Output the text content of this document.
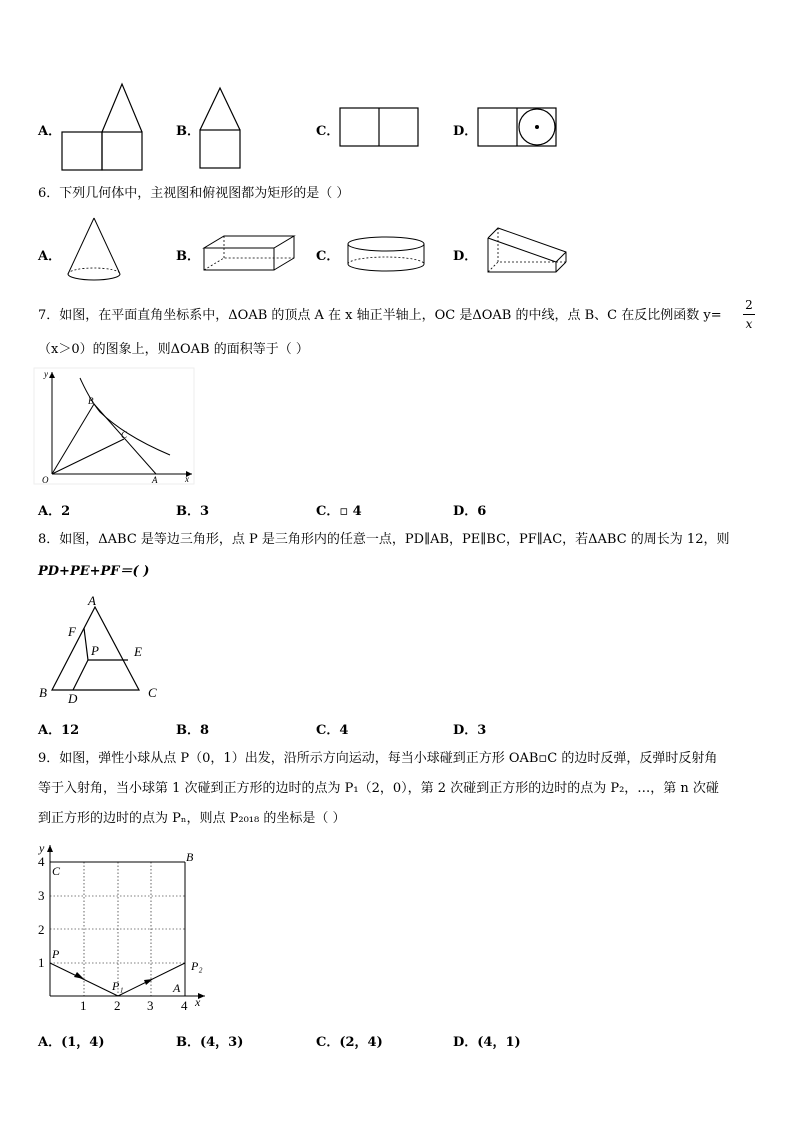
A．	B．	C．	D．
6．下列几何体中，主视图和俯视图都为矩形的是（ ）
A．	B．	C．	D．
7．如图，在平面直角坐标系中，ΔOAB 的顶点 A 在 x 轴正半轴上，OC 是ΔOAB 的中线，点 B、C 在反比例函数 y=
2
x
（x＞0）的图象上，则ΔOAB 的面积等于（ ）
y
x
O	A
B
C
A．2	B．3	C．▫ 4	D．6
8．如图，ΔABC 是等边三角形，点 P 是三角形内的任意一点，PD∥AB，PE∥BC，PF∥AC，若ΔABC 的周长为 12，则
PD+PE+PF＝( )
A
B	C
D
E
F
P
A．12	B．8	C．4	D．3
9．如图，弹性小球从点 P（0，1）出发，沿所示方向运动，每当小球碰到正方形 OAB▫C 的边时反弹，反弹时反射角
等于入射角，当小球第 1 次碰到正方形的边时的点为 P₁（2，0），第 2 次碰到正方形的边时的点为 P₂，…，第 n 次碰
到正方形的边时的点为 Pₙ，则点 P₂₀₁₈ 的坐标是（ ）
y
x
C
B
A
P
P₁
P₂
4
3
2
1
1 2 3 4
A．(1，4)	B．(4，3)	C．(2，4)	D．(4，1)
